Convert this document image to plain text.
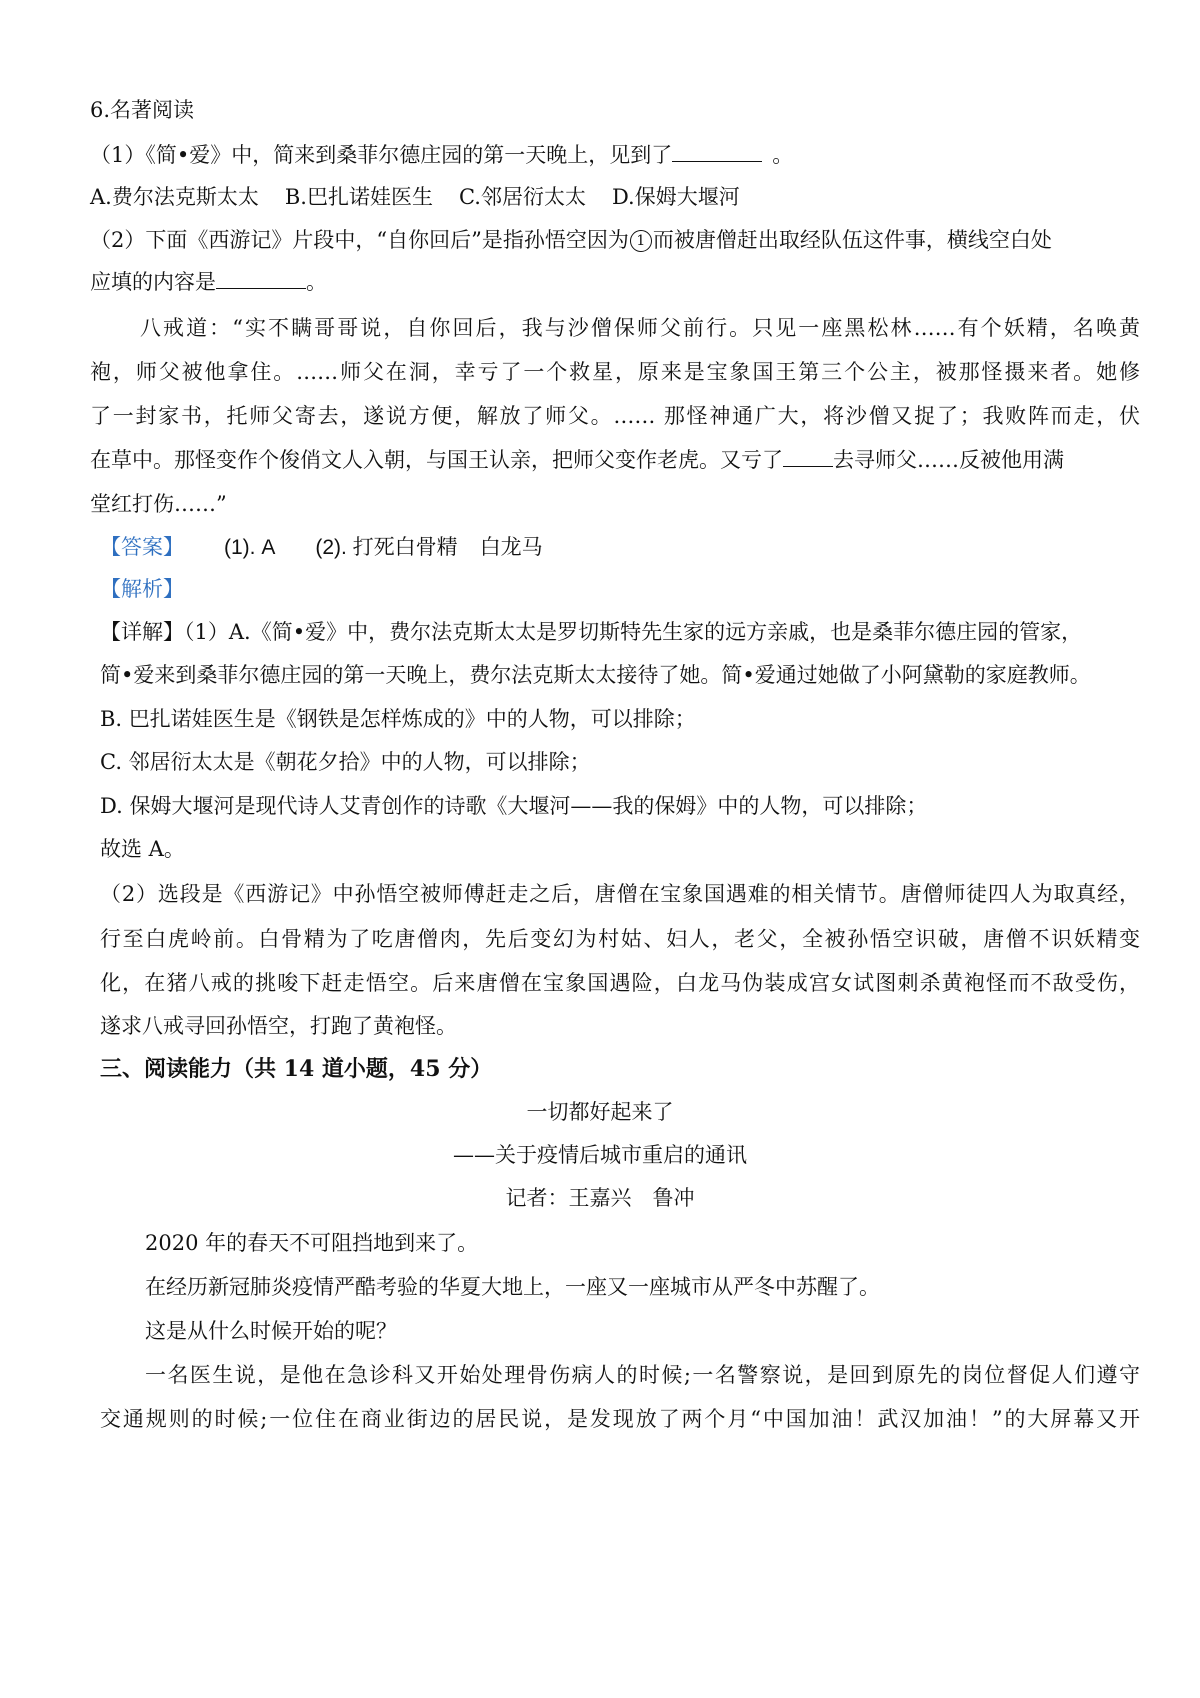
6.名著阅读
（1）《简•爱》中，简来到桑菲尔德庄园的第一天晚上，见到了	。
A.费尔法克斯太太 B.巴扎诺娃医生 C.邻居衍太太 D.保姆大堰河
（2）下面《西游记》片段中，“自你回后”是指孙悟空因为 1 而被唐僧赶出取经队伍这件事，横线空白处
应填的内容是	。
八戒道：“实不瞒哥哥说，自你回后，我与沙僧保师父前行。只见一座黑松林……有个妖精，名唤黄
袍，师父被他拿住。……师父在洞，幸亏了一个救星，原来是宝象国王第三个公主，被那怪摄来者。她修
了一封家书，托师父寄去，遂说方便，解放了师父。…… 那怪神通广大，将沙僧又捉了；我败阵而走，伏
在草中。那怪变作个俊俏文人入朝，与国王认亲，把师父变作老虎。又亏了 去寻师父……反被他用满
堂红打伤……”
【答案】 (1). A (2). 打死白骨精 白龙马
【解析】
【详解】（1）A.《简•爱》中，费尔法克斯太太是罗切斯特先生家的远方亲戚，也是桑菲尔德庄园的管家，
简•爱来到桑菲尔德庄园的第一天晚上，费尔法克斯太太接待了她。简•爱通过她做了小阿黛勒的家庭教师。
B. 巴扎诺娃医生是《钢铁是怎样炼成的》中的人物，可以排除；
C. 邻居衍太太是《朝花夕拾》中的人物，可以排除；
D. 保姆大堰河是现代诗人艾青创作的诗歌《大堰河——我的保姆》中的人物，可以排除；
故选 A。
（2）选段是《西游记》中孙悟空被师傅赶走之后，唐僧在宝象国遇难的相关情节。唐僧师徒四人为取真经，
行至白虎岭前。白骨精为了吃唐僧肉，先后变幻为村姑、妇人，老父，全被孙悟空识破，唐僧不识妖精变
化，在猪八戒的挑唆下赶走悟空。后来唐僧在宝象国遇险，白龙马伪装成宫女试图刺杀黄袍怪而不敌受伤，
遂求八戒寻回孙悟空，打跑了黄袍怪。
三、阅读能力（共 14 道小题，45 分）
一切都好起来了
——关于疫情后城市重启的通讯
记者：王嘉兴　鲁冲
2020 年的春天不可阻挡地到来了。
在经历新冠肺炎疫情严酷考验的华夏大地上，一座又一座城市从严冬中苏醒了。
这是从什么时候开始的呢？
一名医生说，是他在急诊科又开始处理骨伤病人的时候;一名警察说，是回到原先的岗位督促人们遵守
交通规则的时候;一位住在商业街边的居民说，是发现放了两个月“中国加油！武汉加油！”的大屏幕又开
